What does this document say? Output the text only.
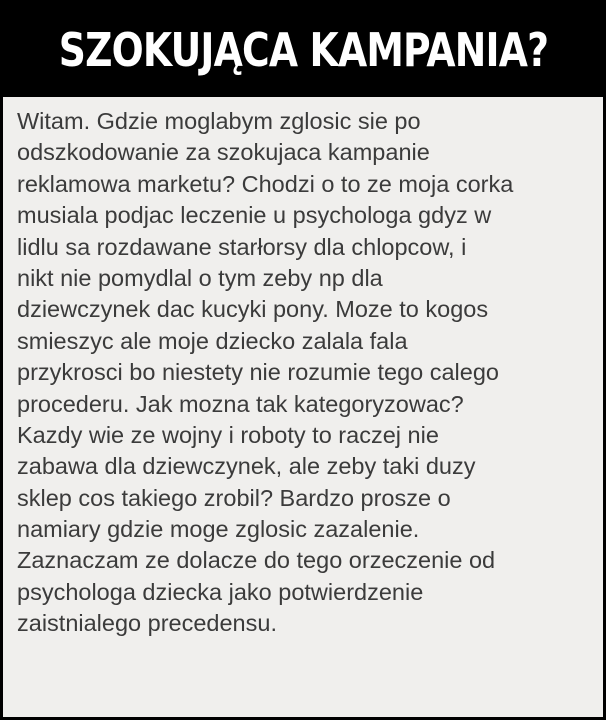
SZOKUJĄCA KAMPANIA?

Witam. Gdzie moglabym zglosic sie po
odszkodowanie za szokujaca kampanie
reklamowa marketu? Chodzi o to ze moja corka
musiala podjac leczenie u psychologa gdyz w
lidlu sa rozdawane starłorsy dla chlopcow, i
nikt nie pomydlal o tym zeby np dla
dziewczynek dac kucyki pony. Moze to kogos
smieszyc ale moje dziecko zalala fala
przykrosci bo niestety nie rozumie tego calego
procederu. Jak mozna tak kategoryzowac?
Kazdy wie ze wojny i roboty to raczej nie
zabawa dla dziewczynek, ale zeby taki duzy
sklep cos takiego zrobil? Bardzo prosze o
namiary gdzie moge zglosic zazalenie.
Zaznaczam ze dolacze do tego orzeczenie od
psychologa dziecka jako potwierdzenie
zaistnialego precedensu.
